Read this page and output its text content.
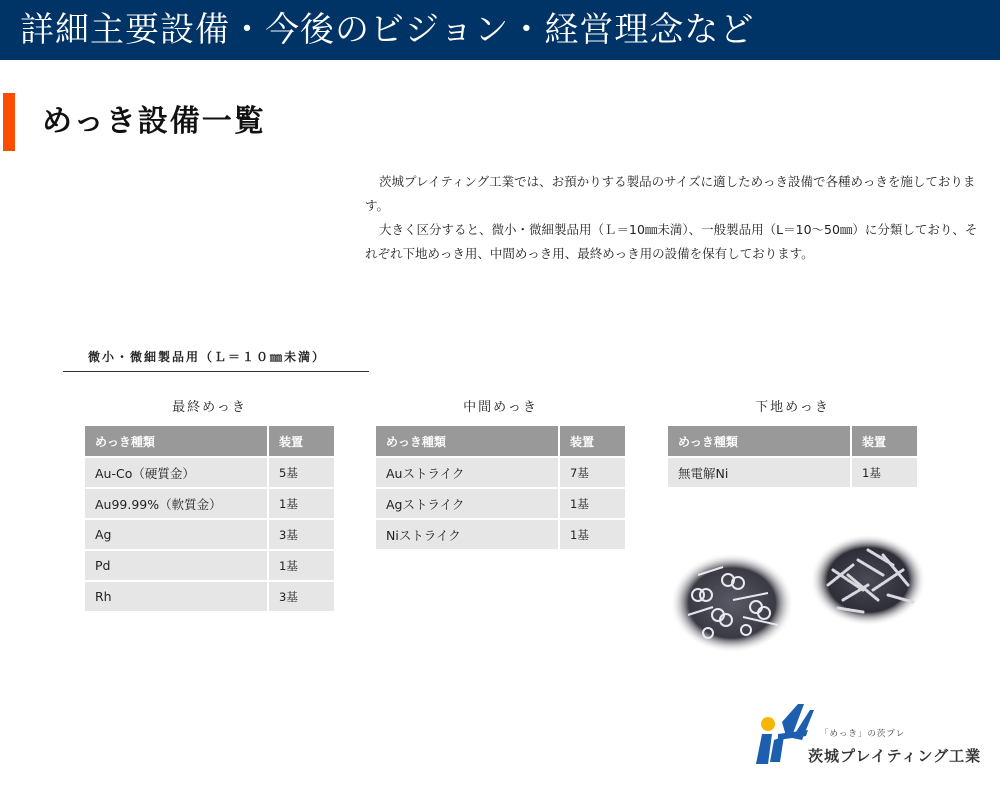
詳細主要設備・今後のビジョン・経営理念など
めっき設備一覧

茨城プレイティング工業では、お預かりする製品のサイズに適しためっき設備で各種めっきを施しております。

大きく区分すると、微小・微細製品用（Ｌ＝10㎜未満）、一般製品用（L＝10～50㎜）に分類しており、それぞれ下地めっき用、中間めっき用、最終めっき用の設備を保有しております。

微小・微細製品用（Ｌ＝１０㎜未満）
最終めっき
めっき種類	装置
Au-Co（硬質金）	5基
Au99.99%（軟質金）	1基
Ag	3基
Pd	1基
Rh	3基
中間めっき
めっき種類	装置
Auストライク	7基
Agストライク	1基
Niストライク	1基
下地めっき
めっき種類	装置
無電解Ni	1基
「めっき」の茨プレ
茨城プレイティング工業
